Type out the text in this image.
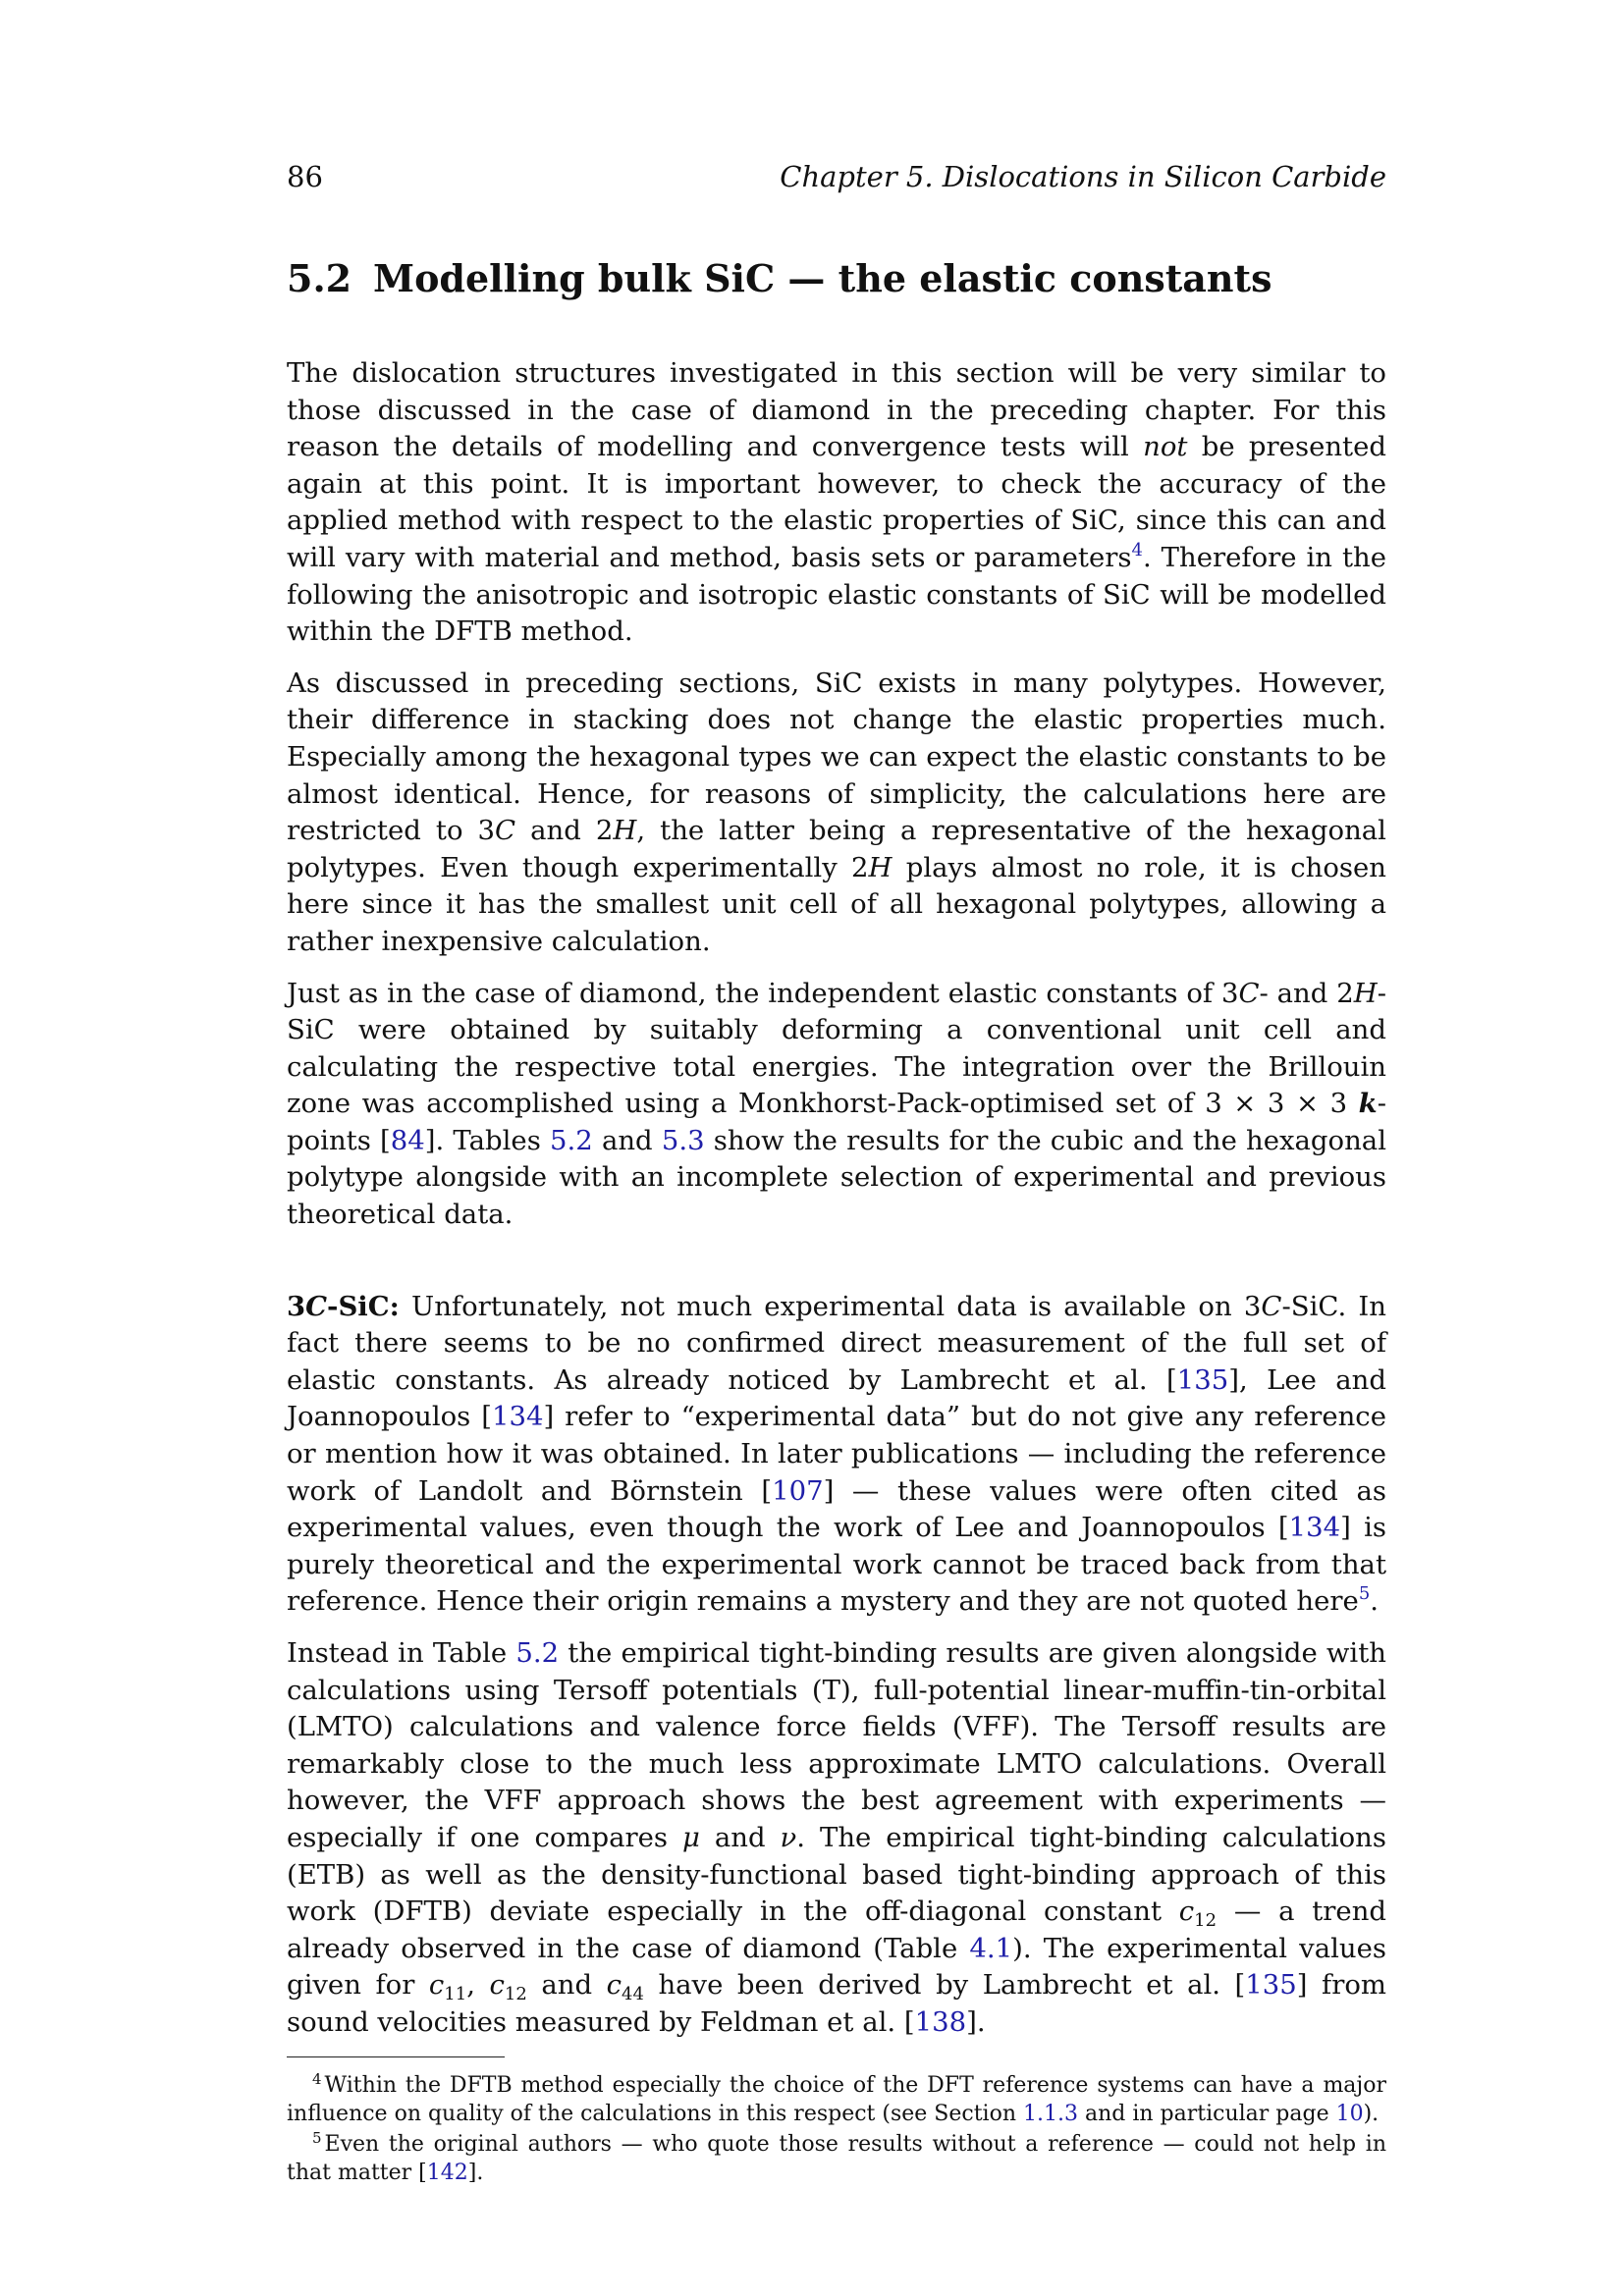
86	Chapter 5. Dislocations in Silicon Carbide
5.2 Modelling bulk SiC — the elastic constants

The dislocation structures investigated in this section will be very similar to those discussed in the case of diamond in the preceding chapter. For this reason the details of modelling and convergence tests will not be presented again at this point. It is important however, to check the accuracy of the applied method with respect to the elastic properties of SiC, since this can and will vary with material and method, basis sets or parameters$^4$. Therefore in the following the anisotropic and isotropic elastic constants of SiC will be modelled within the DFTB method.

As discussed in preceding sections, SiC exists in many polytypes. However, their difference in stacking does not change the elastic properties much. Especially among the hexagonal types we can expect the elastic constants to be almost identical. Hence, for reasons of simplicity, the calculations here are restricted to 3C and 2H, the latter being a representative of the hexagonal polytypes. Even though experimentally 2H plays almost no role, it is chosen here since it has the smallest unit cell of all hexagonal polytypes, allowing a rather inexpensive calculation.

Just as in the case of diamond, the independent elastic constants of 3C- and 2H-SiC were obtained by suitably deforming a conventional unit cell and calculating the respective total energies. The integration over the Brillouin zone was accomplished using a Monkhorst-Pack-optimised set of 3 × 3 × 3 k-points [84]. Tables 5.2 and 5.3 show the results for the cubic and the hexagonal polytype alongside with an incomplete selection of experimental and previous theoretical data.

3C-SiC: Unfortunately, not much experimental data is available on 3C-SiC. In fact there seems to be no confirmed direct measurement of the full set of elastic constants. As already noticed by Lambrecht et al. [135], Lee and Joannopoulos [134] refer to “experimental data” but do not give any reference or mention how it was obtained. In later publications — including the reference work of Landolt and Börnstein [107] — these values were often cited as experimental values, even though the work of Lee and Joannopoulos [134] is purely theoretical and the experimental work cannot be traced back from that reference. Hence their origin remains a mystery and they are not quoted here$^5$.

Instead in Table 5.2 the empirical tight-binding results are given alongside with calculations using Tersoff potentials (T), full-potential linear-muffin-tin-orbital (LMTO) calculations and valence force fields (VFF). The Tersoff results are remarkably close to the much less approximate LMTO calculations. Overall however, the VFF approach shows the best agreement with experiments — especially if one compares μ and ν. The empirical tight-binding calculations (ETB) as well as the density-functional based tight-binding approach of this work (DFTB) deviate especially in the off-diagonal constant $c_{12}$ — a trend already observed in the case of diamond (Table 4.1). The experimental values given for $c_{11}$, $c_{12}$ and $c_{44}$ have been derived by Lambrecht et al. [135] from sound velocities measured by Feldman et al. [138].

$^4$ Within the DFTB method especially the choice of the DFT reference systems can have a major influence on quality of the calculations in this respect (see Section 1.1.3 and in particular page 10).
$^5$ Even the original authors — who quote those results without a reference — could not help in that matter [142].
